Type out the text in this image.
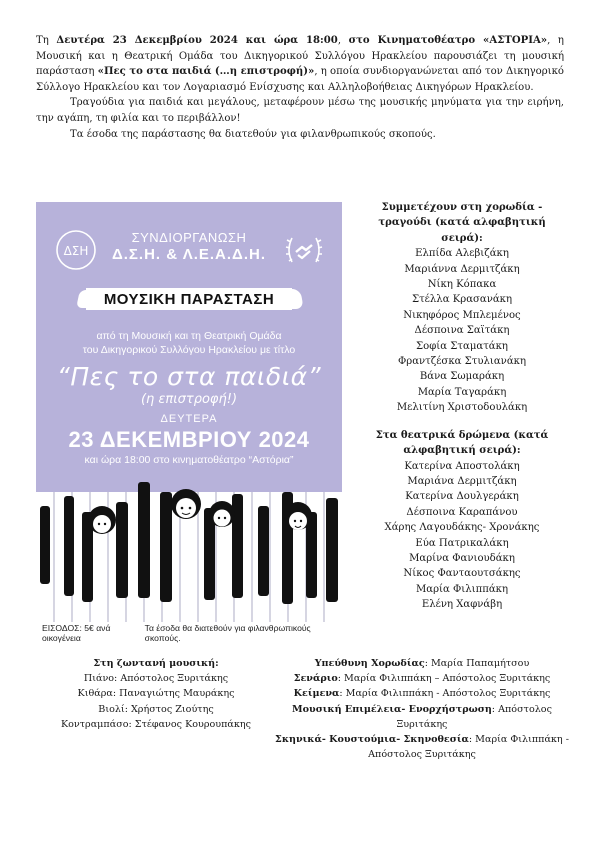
Τη Δευτέρα 23 Δεκεμβρίου 2024 και ώρα 18:00, στο Κινηματοθέατρο «ΑΣΤΟΡΙΑ», η Μουσική και η Θεατρική Ομάδα του Δικηγορικού Συλλόγου Ηρακλείου παρουσιάζει τη μουσική παράσταση «Πες το στα παιδιά (…η επιστροφή)», η οποία συνδιοργανώνεται από τον Δικηγορικό Σύλλογο Ηρακλείου και τον Λογαριασμό Ενίσχυσης και Αλληλοβοήθειας Δικηγόρων Ηρακλείου.

Τραγούδια για παιδιά και μεγάλους, μεταφέρουν μέσω της μουσικής μηνύματα για την ειρήνη, την αγάπη, τη φιλία και το περιβάλλον!

Τα έσοδα της παράστασης θα διατεθούν για φιλανθρωπικούς σκοπούς.

ΔΣΗ
ΣΥΝΔΙΟΡΓΑΝΩΣΗ
Δ.Σ.Η. & Λ.Ε.Α.Δ.Η.
ΜΟΥΣΙΚΗ ΠΑΡΑΣΤΑΣΗ
από τη Μουσική και τη Θεατρική Ομάδα
του Δικηγορικού Συλλόγου Ηρακλείου με τίτλο
“Πες το στα παιδιά”
(η επιστροφή!)
ΔΕΥΤΕΡΑ
23 ΔΕΚΕΜΒΡΙΟΥ 2024
και ώρα 18:00 στο κινηματοθέατρο “Αστόρια”
ΕΙΣΟΔΟΣ: 5€ ανά οικογένεια
Τα έσοδα θα διατεθούν για φιλανθρωπικούς σκοπούς.
Συμμετέχουν στη χορωδία - τραγούδι (κατά αλφαβητική σειρά):
Ελπίδα Αλεβιζάκη
Μαριάννα Δερμιτζάκη
Νίκη Κόπακα
Στέλλα Κρασανάκη
Νικηφόρος Μπλεμένος
Δέσποινα Σαϊτάκη
Σοφία Σταματάκη
Φραντζέσκα Στυλιανάκη
Βάνα Σωμαράκη
Μαρία Ταγαράκη
Μελιτίνη Χριστοδουλάκη
Στα θεατρικά δρώμενα (κατά αλφαβητική σειρά):
Κατερίνα Αποστολάκη
Μαριάνα Δερμιτζάκη
Κατερίνα Δουλγεράκη
Δέσποινα Καραπάνου
Χάρης Λαγουδάκης- Χρονάκης
Εύα Πατρικαλάκη
Μαρίνα Φανιουδάκη
Νίκος Φανταουτσάκης
Μαρία Φιλιππάκη
Ελένη Χαφνάβη
Στη ζωντανή μουσική:
Πιάνο: Απόστολος Ξυριτάκης
Κιθάρα: Παναγιώτης Μαυράκης
Βιολί: Χρήστος Ζιούτης
Κοντραμπάσο: Στέφανος Κουρουπάκης
Υπεύθυνη Χορωδίας: Μαρία Παπαμήτσου
Σενάριο: Μαρία Φιλιππάκη – Απόστολος Ξυριτάκης
Κείμενα: Μαρία Φιλιππάκη - Απόστολος Ξυριτάκης
Μουσική Επιμέλεια- Ενορχήστρωση: Απόστολος Ξυριτάκης
Σκηνικά- Κουστούμια- Σκηνοθεσία: Μαρία Φιλιππάκη -
Απόστολος Ξυριτάκης
